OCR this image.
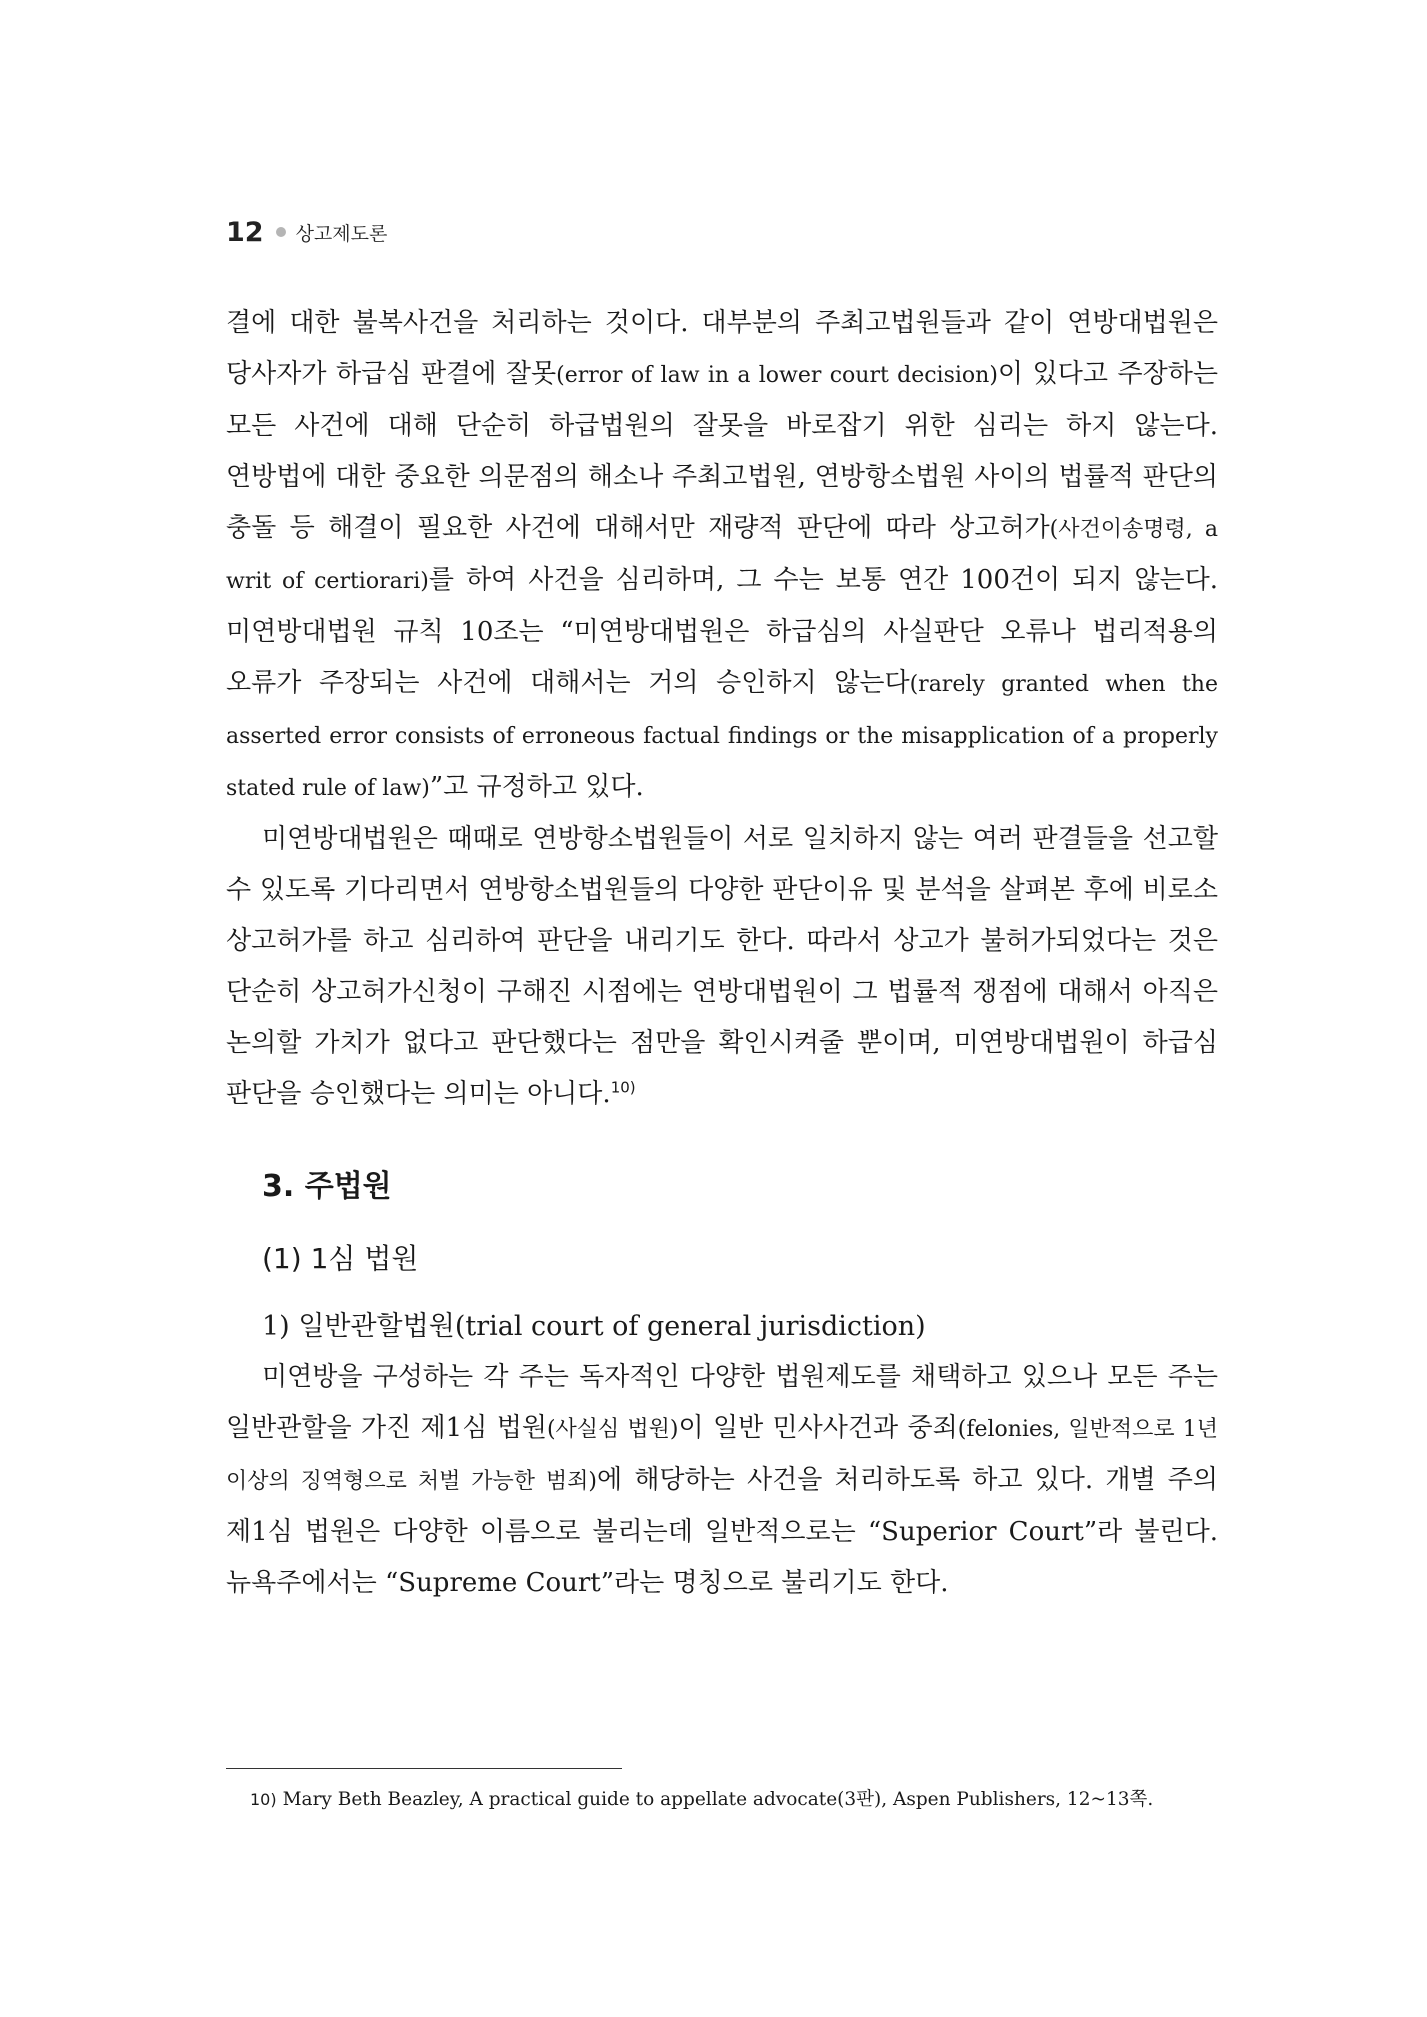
12 상고제도론

결에 대한 불복사건을 처리하는 것이다. 대부분의 주최고법원들과 같이 연방대법원은 당사자가 하급심 판결에 잘못(error of law in a lower court decision)이 있다고 주장하는 모든 사건에 대해 단순히 하급법원의 잘못을 바로잡기 위한 심리는 하지 않는다. 연방법에 대한 중요한 의문점의 해소나 주최고법원, 연방항소법원 사이의 법률적 판단의 충돌 등 해결이 필요한 사건에 대해서만 재량적 판단에 따라 상고허가(사건이송명령, a writ of certiorari)를 하여 사건을 심리하며, 그 수는 보통 연간 100건이 되지 않는다. 미연방대법원 규칙 10조는 “미연방대법원은 하급심의 사실판단 오류나 법리적용의 오류가 주장되는 사건에 대해서는 거의 승인하지 않는다(rarely granted when the asserted error consists of erroneous factual findings or the misapplication of a properly stated rule of law)”고 규정하고 있다.

미연방대법원은 때때로 연방항소법원들이 서로 일치하지 않는 여러 판결들을 선고할 수 있도록 기다리면서 연방항소법원들의 다양한 판단이유 및 분석을 살펴본 후에 비로소 상고허가를 하고 심리하여 판단을 내리기도 한다. 따라서 상고가 불허가되었다는 것은 단순히 상고허가신청이 구해진 시점에는 연방대법원이 그 법률적 쟁점에 대해서 아직은 논의할 가치가 없다고 판단했다는 점만을 확인시켜줄 뿐이며, 미연방대법원이 하급심 판단을 승인했다는 의미는 아니다.$^{10)}$

3. 주법원
(1) 1심 법원
1) 일반관할법원(trial court of general jurisdiction)

미연방을 구성하는 각 주는 독자적인 다양한 법원제도를 채택하고 있으나 모든 주는 일반관할을 가진 제1심 법원(사실심 법원)이 일반 민사사건과 중죄(felonies, 일반적으로 1년 이상의 징역형으로 처벌 가능한 범죄)에 해당하는 사건을 처리하도록 하고 있다. 개별 주의 제1심 법원은 다양한 이름으로 불리는데 일반적으로는 “Superior Court”라 불린다. 뉴욕주에서는 “Supreme Court”라는 명칭으로 불리기도 한다.

10) Mary Beth Beazley, A practical guide to appellate advocate(3판), Aspen Publishers, 12~13쪽.
